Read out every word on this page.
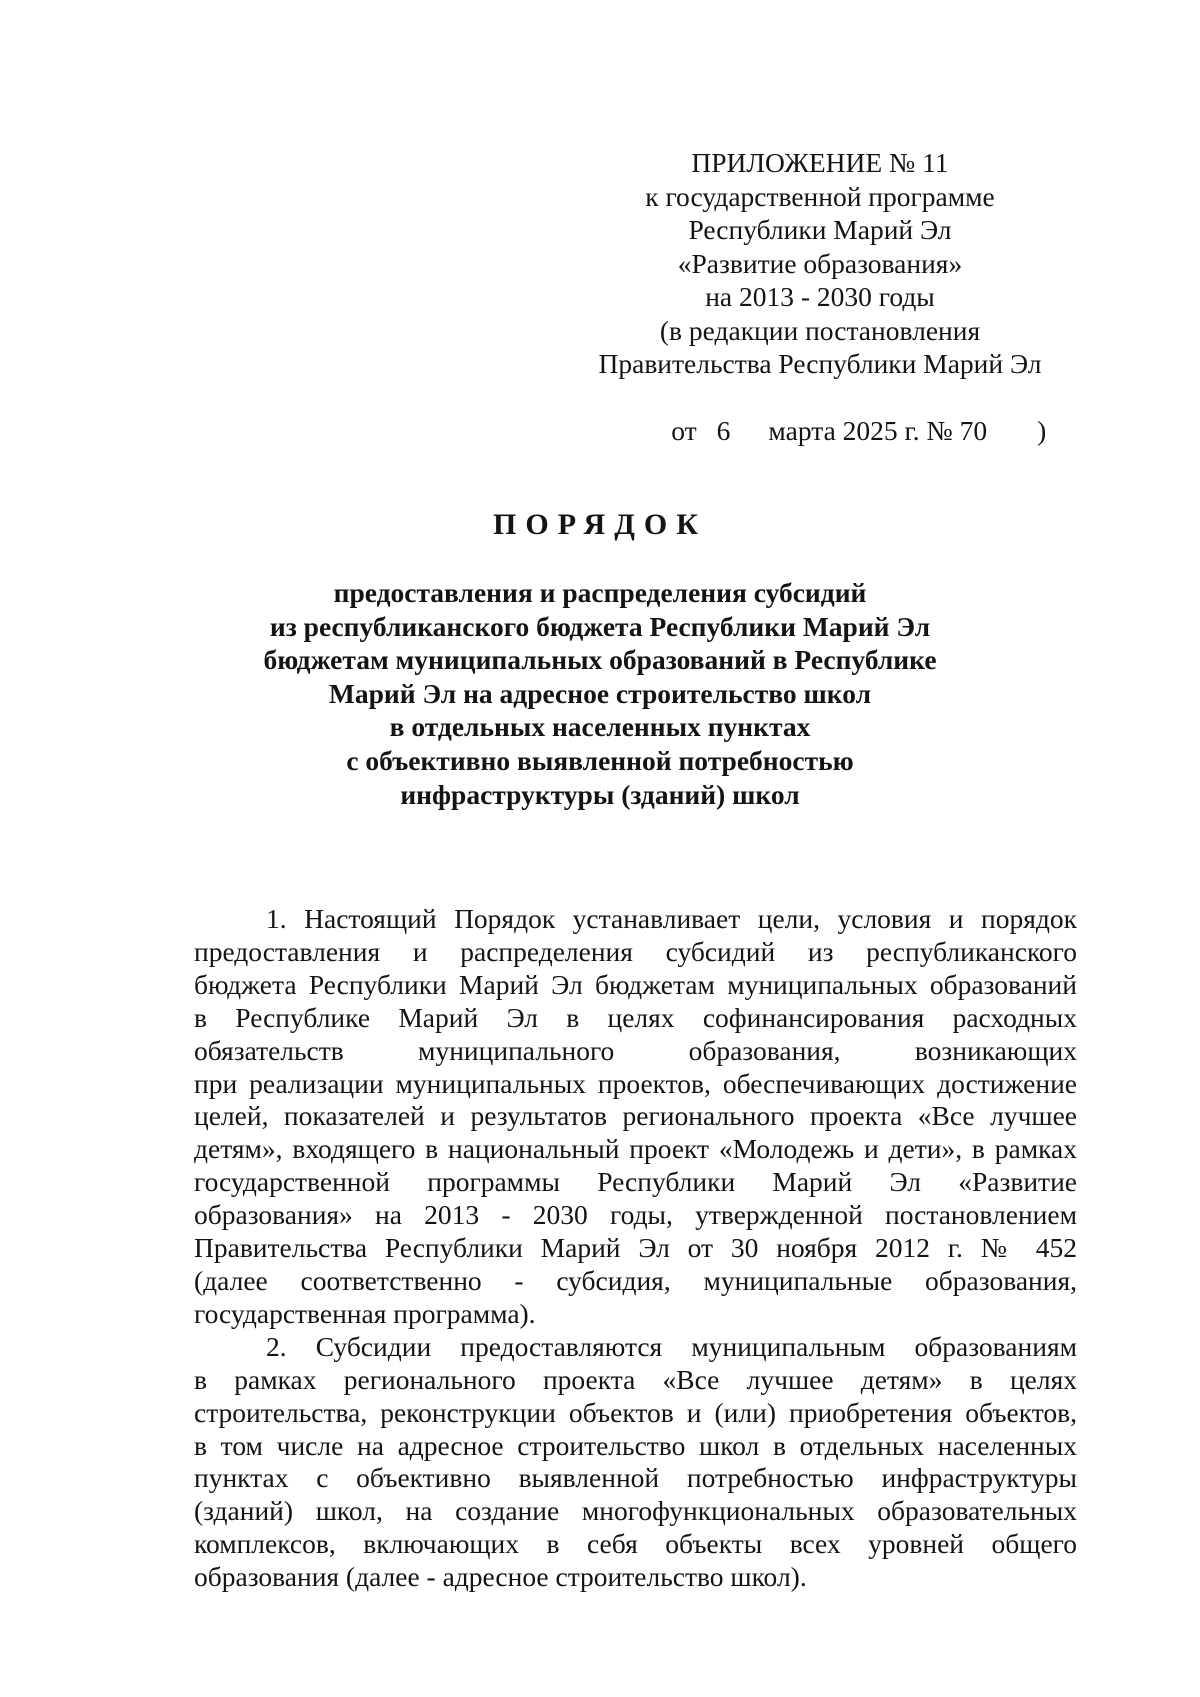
ПРИЛОЖЕНИЕ № 11
к государственной программе
Республики Марий Эл
«Развитие образования»
на 2013 - 2030 годы
(в редакции постановления
Правительства Республики Марий Эл

от 6 марта 2025 г. № 70 )

ПОРЯДОК
предоставления и распределения субсидий
из республиканского бюджета Республики Марий Эл
бюджетам муниципальных образований в Республике
Марий Эл на адресное строительство школ
в отдельных населенных пунктах
с объективно выявленной потребностью
инфраструктуры (зданий) школ
1. Настоящий Порядок устанавливает цели, условия и порядок
предоставления и распределения субсидий из республиканского
бюджета Республики Марий Эл бюджетам муниципальных образований
в Республике Марий Эл в целях софинансирования расходных
обязательств муниципального образования, возникающих
при реализации муниципальных проектов, обеспечивающих достижение
целей, показателей и результатов регионального проекта «Все лучшее
детям», входящего в национальный проект «Молодежь и дети», в рамках
государственной программы Республики Марий Эл «Развитие
образования» на 2013 - 2030 годы, утвержденной постановлением
Правительства Республики Марий Эл от 30 ноября 2012 г. № 452
(далее соответственно - субсидия, муниципальные образования,
государственная программа).
2. Субсидии предоставляются муниципальным образованиям
в рамках регионального проекта «Все лучшее детям» в целях
строительства, реконструкции объектов и (или) приобретения объектов,
в том числе на адресное строительство школ в отдельных населенных
пунктах с объективно выявленной потребностью инфраструктуры
(зданий) школ, на создание многофункциональных образовательных
комплексов, включающих в себя объекты всех уровней общего
образования (далее - адресное строительство школ).
